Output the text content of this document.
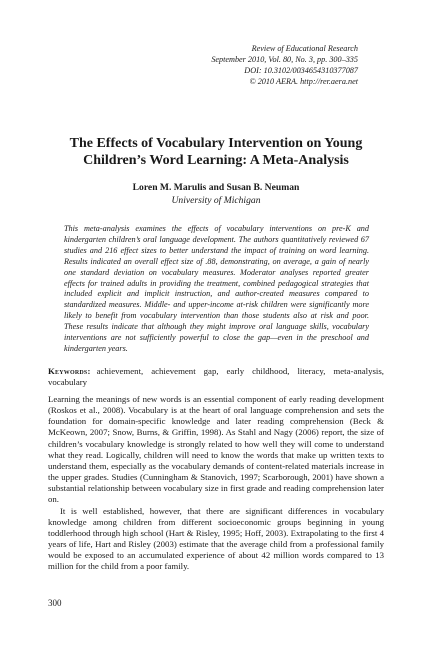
Review of Educational Research
September 2010, Vol. 80, No. 3, pp. 300–335
DOI: 10.3102/0034654310377087
© 2010 AERA. http://rer.aera.net
The Effects of Vocabulary Intervention on Young Children’s Word Learning: A Meta-Analysis
Loren M. Marulis and Susan B. Neuman
University of Michigan

This meta-analysis examines the effects of vocabulary interventions on pre-K and kindergarten children’s oral language development. The authors quantitatively reviewed 67 studies and 216 effect sizes to better understand the impact of training on word learning. Results indicated an overall effect size of .88, demonstrating, on average, a gain of nearly one standard deviation on vocabulary measures. Moderator analyses reported greater effects for trained adults in providing the treatment, combined pedagogical strategies that included explicit and implicit instruction, and author-created measures compared to standardized measures. Middle- and upper-income at-risk children were significantly more likely to benefit from vocabulary intervention than those students also at risk and poor. These results indicate that although they might improve oral language skills, vocabulary interventions are not sufficiently powerful to close the gap—even in the preschool and kindergarten years.

Keywords: achievement, achievement gap, early childhood, literacy, meta-analysis, vocabulary

Learning the meanings of new words is an essential component of early reading development (Roskos et al., 2008). Vocabulary is at the heart of oral language comprehension and sets the foundation for domain-specific knowledge and later reading comprehension (Beck & McKeown, 2007; Snow, Burns, & Griffin, 1998). As Stahl and Nagy (2006) report, the size of children’s vocabulary knowledge is strongly related to how well they will come to understand what they read. Logically, children will need to know the words that make up written texts to understand them, especially as the vocabulary demands of content-related materials increase in the upper grades. Studies (Cunningham & Stanovich, 1997; Scarborough, 2001) have shown a substantial relationship between vocabulary size in first grade and reading comprehension later on.

It is well established, however, that there are significant differences in vocabulary knowledge among children from different socioeconomic groups beginning in young toddlerhood through high school (Hart & Risley, 1995; Hoff, 2003). Extrapolating to the first 4 years of life, Hart and Risley (2003) estimate that the average child from a professional family would be exposed to an accumulated experience of about 42 million words compared to 13 million for the child from a poor family.

300
